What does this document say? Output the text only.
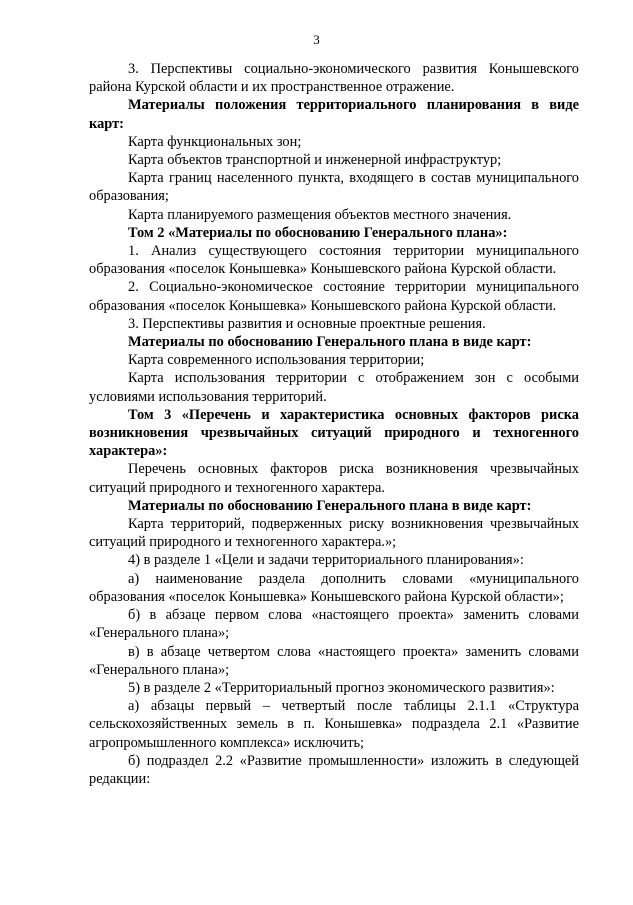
3

3. Перспективы социально-экономического развития Конышевского района Курской области и их пространственное отражение.

Материалы положения территориального планирования в виде карт:

Карта функциональных зон;

Карта объектов транспортной и инженерной инфраструктур;

Карта границ населенного пункта, входящего в состав муниципального образования;

Карта планируемого размещения объектов местного значения.

Том 2 «Материалы по обоснованию Генерального плана»:

1. Анализ существующего состояния территории муниципального образования «поселок Конышевка» Конышевского района Курской области.

2. Социально-экономическое состояние территории муниципального образования «поселок Конышевка» Конышевского района Курской области.

3. Перспективы развития и основные проектные решения.

Материалы по обоснованию Генерального плана в виде карт:

Карта современного использования территории;

Карта использования территории с отображением зон с особыми условиями использования территорий.

Том 3 «Перечень и характеристика основных факторов риска возникновения чрезвычайных ситуаций природного и техногенного характера»:

Перечень основных факторов риска возникновения чрезвычайных ситуаций природного и техногенного характера.

Материалы по обоснованию Генерального плана в виде карт:

Карта территорий, подверженных риску возникновения чрезвычайных ситуаций природного и техногенного характера.»;

4) в разделе 1 «Цели и задачи территориального планирования»:

а) наименование раздела дополнить словами «муниципального образования «поселок Конышевка» Конышевского района Курской области»;

б) в абзаце первом слова «настоящего проекта» заменить словами «Генерального плана»;

в) в абзаце четвертом слова «настоящего проекта» заменить словами «Генерального плана»;

5) в разделе 2 «Территориальный прогноз экономического развития»:

а) абзацы первый – четвертый после таблицы 2.1.1 «Структура сельскохозяйственных земель в п. Конышевка» подраздела 2.1 «Развитие агропромышленного комплекса» исключить;

б) подраздел 2.2 «Развитие промышленности» изложить в следующей редакции:
